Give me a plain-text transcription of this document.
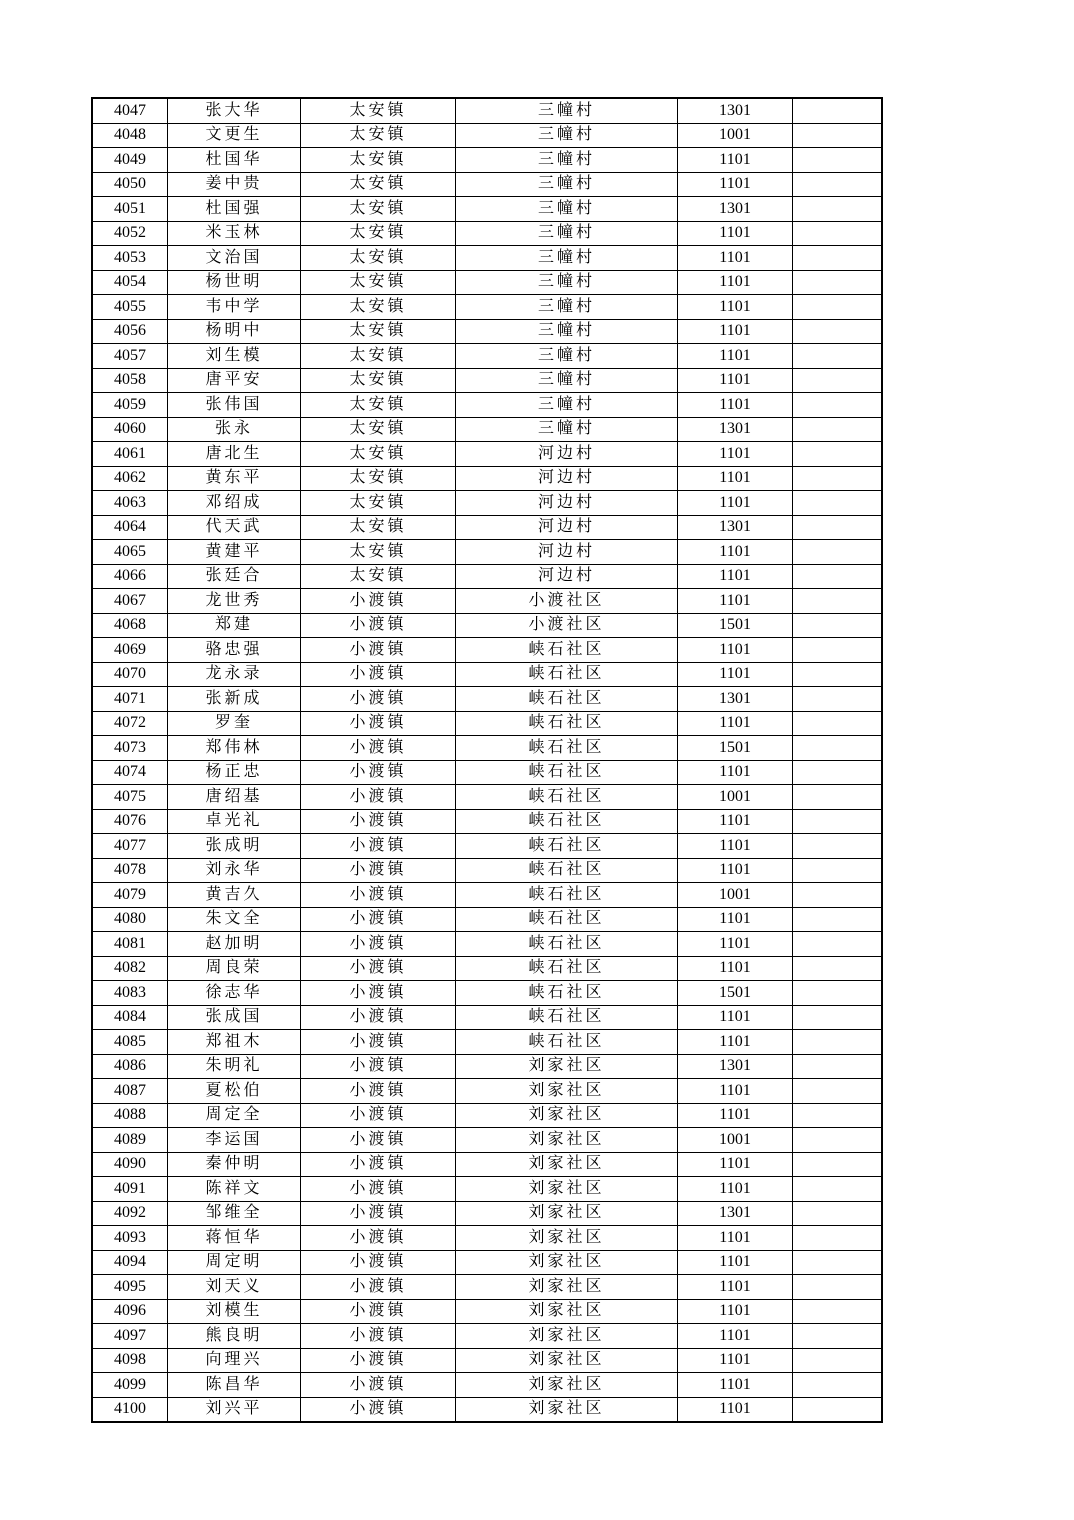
4047	张大华	太安镇	三幢村	1301	
4048	文更生	太安镇	三幢村	1001	
4049	杜国华	太安镇	三幢村	1101	
4050	姜中贵	太安镇	三幢村	1101	
4051	杜国强	太安镇	三幢村	1301	
4052	米玉林	太安镇	三幢村	1101	
4053	文治国	太安镇	三幢村	1101	
4054	杨世明	太安镇	三幢村	1101	
4055	韦中学	太安镇	三幢村	1101	
4056	杨明中	太安镇	三幢村	1101	
4057	刘生模	太安镇	三幢村	1101	
4058	唐平安	太安镇	三幢村	1101	
4059	张伟国	太安镇	三幢村	1101	
4060	张永	太安镇	三幢村	1301	
4061	唐北生	太安镇	河边村	1101	
4062	黄东平	太安镇	河边村	1101	
4063	邓绍成	太安镇	河边村	1101	
4064	代天武	太安镇	河边村	1301	
4065	黄建平	太安镇	河边村	1101	
4066	张廷合	太安镇	河边村	1101	
4067	龙世秀	小渡镇	小渡社区	1101	
4068	郑建	小渡镇	小渡社区	1501	
4069	骆忠强	小渡镇	峡石社区	1101	
4070	龙永录	小渡镇	峡石社区	1101	
4071	张新成	小渡镇	峡石社区	1301	
4072	罗奎	小渡镇	峡石社区	1101	
4073	郑伟林	小渡镇	峡石社区	1501	
4074	杨正忠	小渡镇	峡石社区	1101	
4075	唐绍基	小渡镇	峡石社区	1001	
4076	卓光礼	小渡镇	峡石社区	1101	
4077	张成明	小渡镇	峡石社区	1101	
4078	刘永华	小渡镇	峡石社区	1101	
4079	黄吉久	小渡镇	峡石社区	1001	
4080	朱文全	小渡镇	峡石社区	1101	
4081	赵加明	小渡镇	峡石社区	1101	
4082	周良荣	小渡镇	峡石社区	1101	
4083	徐志华	小渡镇	峡石社区	1501	
4084	张成国	小渡镇	峡石社区	1101	
4085	郑祖木	小渡镇	峡石社区	1101	
4086	朱明礼	小渡镇	刘家社区	1301	
4087	夏松伯	小渡镇	刘家社区	1101	
4088	周定全	小渡镇	刘家社区	1101	
4089	李运国	小渡镇	刘家社区	1001	
4090	秦仲明	小渡镇	刘家社区	1101	
4091	陈祥文	小渡镇	刘家社区	1101	
4092	邹维全	小渡镇	刘家社区	1301	
4093	蒋恒华	小渡镇	刘家社区	1101	
4094	周定明	小渡镇	刘家社区	1101	
4095	刘天义	小渡镇	刘家社区	1101	
4096	刘模生	小渡镇	刘家社区	1101	
4097	熊良明	小渡镇	刘家社区	1101	
4098	向理兴	小渡镇	刘家社区	1101	
4099	陈昌华	小渡镇	刘家社区	1101	
4100	刘兴平	小渡镇	刘家社区	1101	
